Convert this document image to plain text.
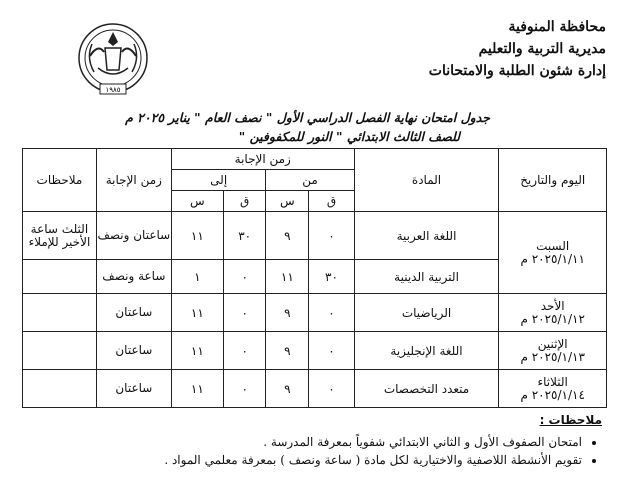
محافظة المنوفية
مديرية التربية والتعليم
إدارة شئون الطلبة والامتحانات
١٩٨٥
جدول امتحان نهاية الفصل الدراسي الأول " نصف العام " يناير ٢٠٢٥ م
للصف الثالث الابتدائي " النور للمكفوفين "
اليوم والتاريخ	المادة	زمن الإجابة				زمن الإجابة	ملاحظات
		من		إلى			
		ق	س	ق	س		

السبت
٢٠٢٥/١/١١ م	اللغة العربية	٠	٩	٣٠	١١	ساعتان ونصف	الثلث ساعة الأخير للإملاء
	التربية الدينية	٣٠	١١	٠	١	ساعة ونصف	

الأحد
٢٠٢٥/١/١٢ م	الرياضيات	٠	٩	٠	١١	ساعتان	

الإثنين
٢٠٢٥/١/١٣ م	اللغة الإنجليزية	٠	٩	٠	١١	ساعتان	

الثلاثاء
٢٠٢٥/١/١٤ م	متعدد التخصصات	٠	٩	٠	١١	ساعتان	
ملاحظات :
• امتحان الصفوف الأول و الثاني الابتدائي شفوياً بمعرفة المدرسة .
• تقويم الأنشطة اللاصفية والاختيارية لكل مادة ( ساعة ونصف ) بمعرفة معلمي المواد .
